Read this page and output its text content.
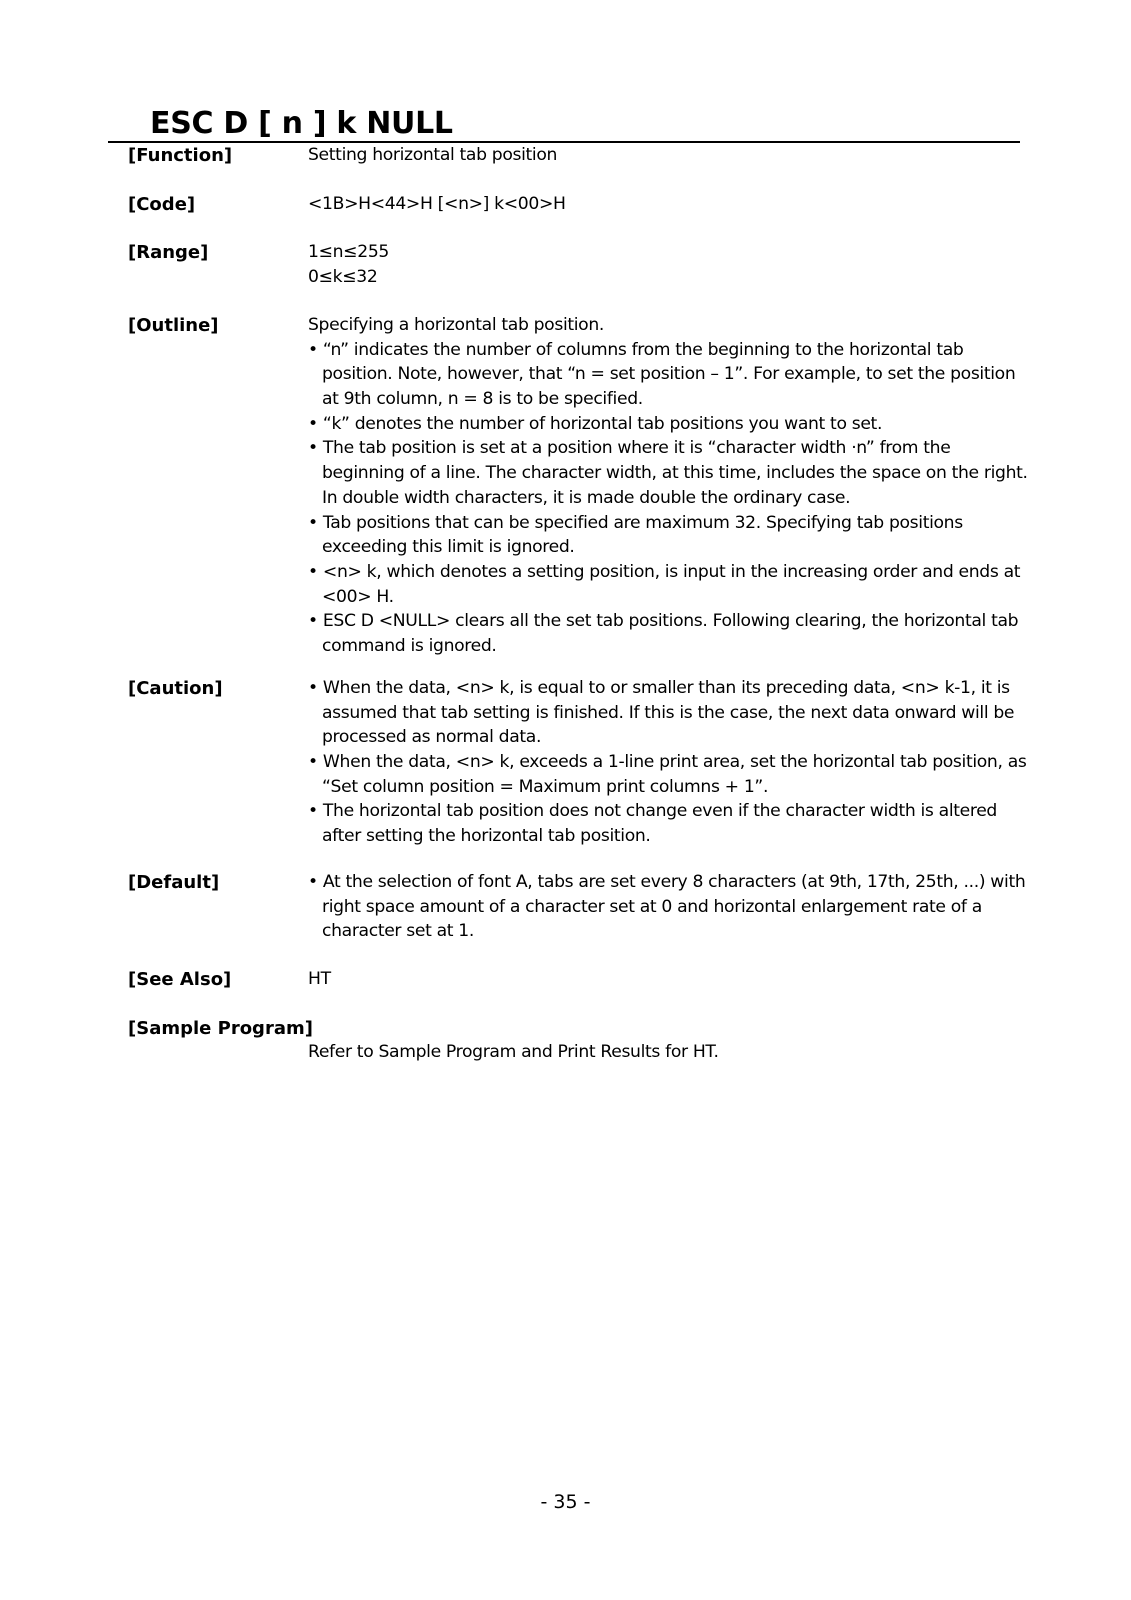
ESC D [ n ] k NULL
[Function]	Setting horizontal tab position
[Code]	<1B>H<44>H [<n>] k<00>H
[Range]	1≤n≤255
0≤k≤32
[Outline]	Specifying a horizontal tab position.
• “n” indicates the number of columns from the beginning to the horizontal tab
position. Note, however, that “n = set position – 1”. For example, to set the position
at 9th column, n = 8 is to be specified.
• “k” denotes the number of horizontal tab positions you want to set.
• The tab position is set at a position where it is “character width ·n” from the
beginning of a line. The character width, at this time, includes the space on the right.
In double width characters, it is made double the ordinary case.
• Tab positions that can be specified are maximum 32. Specifying tab positions
exceeding this limit is ignored.
• <n> k, which denotes a setting position, is input in the increasing order and ends at
<00> H.
• ESC D <NULL> clears all the set tab positions. Following clearing, the horizontal tab
command is ignored.
[Caution]	• When the data, <n> k, is equal to or smaller than its preceding data, <n> k-1, it is
assumed that tab setting is finished. If this is the case, the next data onward will be
processed as normal data.
• When the data, <n> k, exceeds a 1-line print area, set the horizontal tab position, as
“Set column position = Maximum print columns + 1”.
• The horizontal tab position does not change even if the character width is altered
after setting the horizontal tab position.
[Default]	• At the selection of font A, tabs are set every 8 characters (at 9th, 17th, 25th, ...) with
right space amount of a character set at 0 and horizontal enlargement rate of a
character set at 1.
[See Also]	HT
[Sample Program]
Refer to Sample Program and Print Results for HT.
- 35 -
